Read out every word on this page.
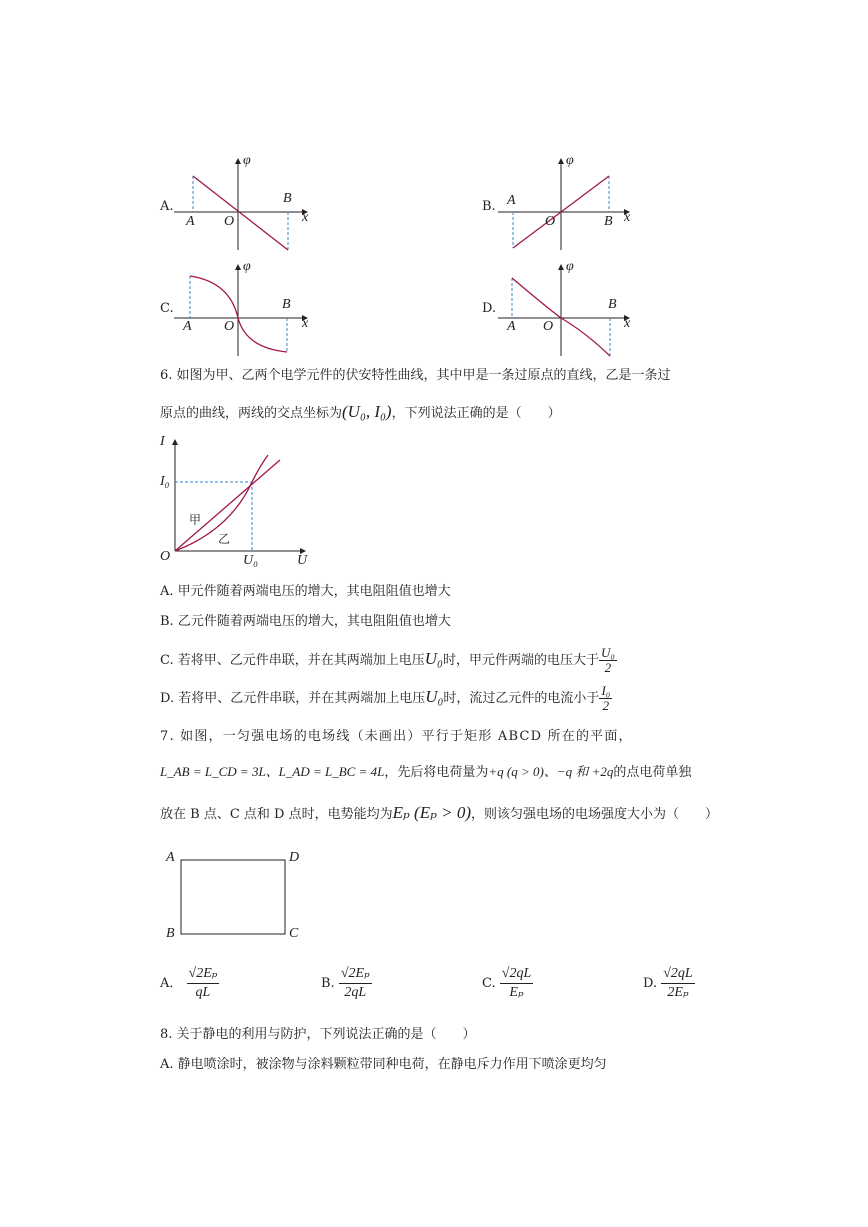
A.
φ
x
O
A
B
B.
φ
x
O
A
B
C.
φ
x
O
A
B	D.
φ
x
O
A
B
6. 如图为甲、乙两个电学元件的伏安特性曲线，其中甲是一条过原点的直线，乙是一条过
原点的曲线，两线的交点坐标为(U₀, I₀)，下列说法正确的是（　　）
I
U
O
I₀
U₀
甲
乙
A. 甲元件随着两端电压的增大，其电阻阻值也增大
B. 乙元件随着两端电压的增大，其电阻阻值也增大
C. 若将甲、乙元件串联，并在其两端加上电压U₀时，甲元件两端的电压大于 $\frac{\text{U₀}}{2}$
D. 若将甲、乙元件串联，并在其两端加上电压U₀时，流过乙元件的电流小于 $\frac{\text{I₀}}{2}$
7. 如图，一匀强电场的电场线（未画出）平行于矩形 ABCD 所在的平面，
L_AB = L_CD = 3L、L_AD = L_BC = 4L，先后将电荷量为+q (q > 0)、−q 和 +2q的点电荷单独
放在 B 点、C 点和 D 点时，电势能均为Eₚ (Eₚ > 0)，则该匀强电场的电场强度大小为（　　）
A	D
B	C
A． $\frac{\text{√2Eₚ}}{qL}$	B. $\frac{\text{√2Eₚ}}{2qL}$	C. $\frac{√2qL}{\text{Eₚ}}$	D. $\frac{√2qL}{\text{2Eₚ}}$
8. 关于静电的利用与防护，下列说法正确的是（　　）
A. 静电喷涂时，被涂物与涂料颗粒带同种电荷，在静电斥力作用下喷涂更均匀
